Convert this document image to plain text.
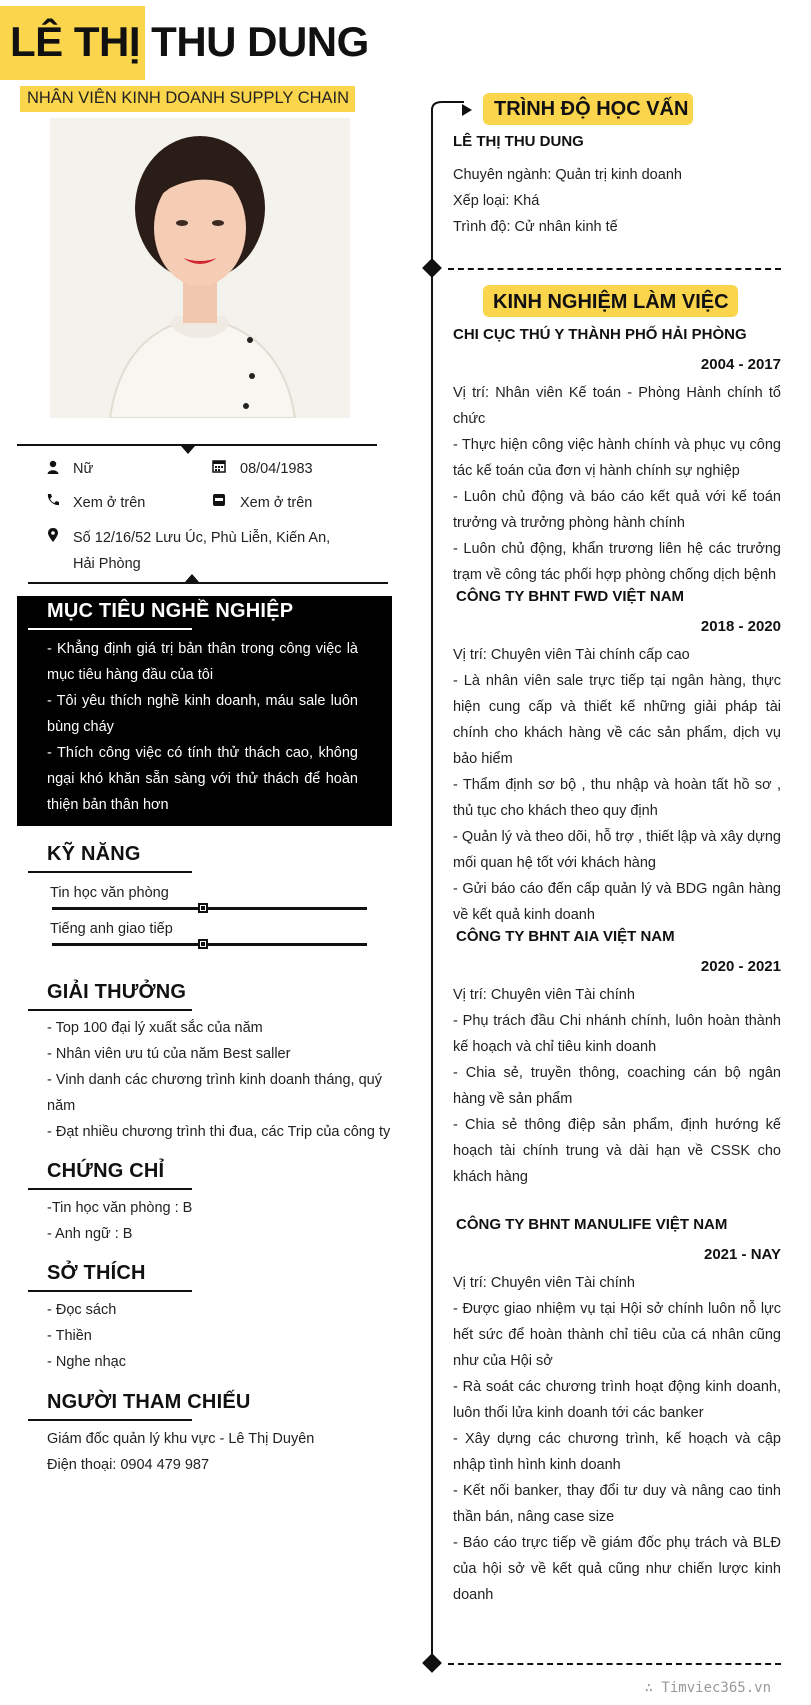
LÊ THỊ THU DUNG
NHÂN VIÊN KINH DOANH SUPPLY CHAIN
Nữ	08/04/1983
Xem ở trên	Xem ở trên
Số 12/16/52 Lưu Úc, Phù Liễn, Kiến An,
Hải Phòng
MỤC TIÊU NGHỀ NGHIỆP
- Khẳng định giá trị bản thân trong công việc là mục tiêu hàng đầu của tôi
- Tôi yêu thích nghề kinh doanh, máu sale luôn bùng cháy
- Thích công việc có tính thử thách cao, không ngại khó khăn sẵn sàng với thử thách để hoàn thiện bản thân hơn
KỸ NĂNG
Tin học văn phòng
Tiếng anh giao tiếp
GIẢI THƯỞNG
- Top 100 đại lý xuất sắc của năm
- Nhân viên ưu tú của năm Best saller
- Vinh danh các chương trình kinh doanh tháng, quý năm
- Đạt nhiều chương trình thi đua, các Trip của công ty
CHỨNG CHỈ
-Tin học văn phòng : B
- Anh ngữ : B
SỞ THÍCH
- Đọc sách
- Thiền
- Nghe nhạc
NGƯỜI THAM CHIẾU
Giám đốc quản lý khu vực - Lê Thị Duyên
Điện thoại: 0904 479 987
TRÌNH ĐỘ HỌC VẤN
LÊ THỊ THU DUNG
Chuyên ngành: Quản trị kinh doanh
Xếp loại: Khá
Trình độ: Cử nhân kinh tế
KINH NGHIỆM LÀM VIỆC
CHI CỤC THÚ Y THÀNH PHỐ HẢI PHÒNG
2004 - 2017
Vị trí: Nhân viên Kế toán - Phòng Hành chính tổ chức
- Thực hiện công việc hành chính và phục vụ công tác kế toán của đơn vị hành chính sự nghiệp
- Luôn chủ động và báo cáo kết quả với kế toán trưởng và trưởng phòng hành chính
- Luôn chủ động, khẩn trương liên hệ các trưởng trạm về công tác phối hợp phòng chống dịch bệnh
CÔNG TY BHNT FWD VIỆT NAM
2018 - 2020
Vị trí: Chuyên viên Tài chính cấp cao
- Là nhân viên sale trực tiếp tại ngân hàng, thực hiện cung cấp và thiết kế những giải pháp tài chính cho khách hàng về các sản phẩm, dịch vụ bảo hiểm
- Thẩm định sơ bộ , thu nhập và hoàn tất hồ sơ , thủ tục cho khách theo quy định
- Quản lý và theo dõi, hỗ trợ , thiết lập và xây dựng mối quan hệ tốt với khách hàng
- Gửi báo cáo đến cấp quản lý và BDG ngân hàng về kết quả kinh doanh
CÔNG TY BHNT AIA VIỆT NAM
2020 - 2021
Vị trí: Chuyên viên Tài chính
- Phụ trách đầu Chi nhánh chính, luôn hoàn thành kế hoạch và chỉ tiêu kinh doanh
- Chia sẻ, truyền thông, coaching cán bộ ngân hàng về sản phẩm
- Chia sẻ thông điệp sản phẩm, định hướng kế hoạch tài chính trung và dài hạn về CSSK cho khách hàng
CÔNG TY BHNT MANULIFE VIỆT NAM
2021 - NAY
Vị trí: Chuyên viên Tài chính
- Được giao nhiệm vụ tại Hội sở chính luôn nỗ lực hết sức để hoàn thành chỉ tiêu của cá nhân cũng như của Hội sở
- Rà soát các chương trình hoạt động kinh doanh, luôn thổi lửa kinh doanh tới các banker
- Xây dựng các chương trình, kế hoạch và cập nhập tình hình kinh doanh
- Kết nối banker, thay đổi tư duy và nâng cao tinh thần bán, nâng case size
- Báo cáo trực tiếp về giám đốc phụ trách và BLĐ của hội sở về kết quả cũng như chiến lược kinh doanh
∴ Timviec365.vn
